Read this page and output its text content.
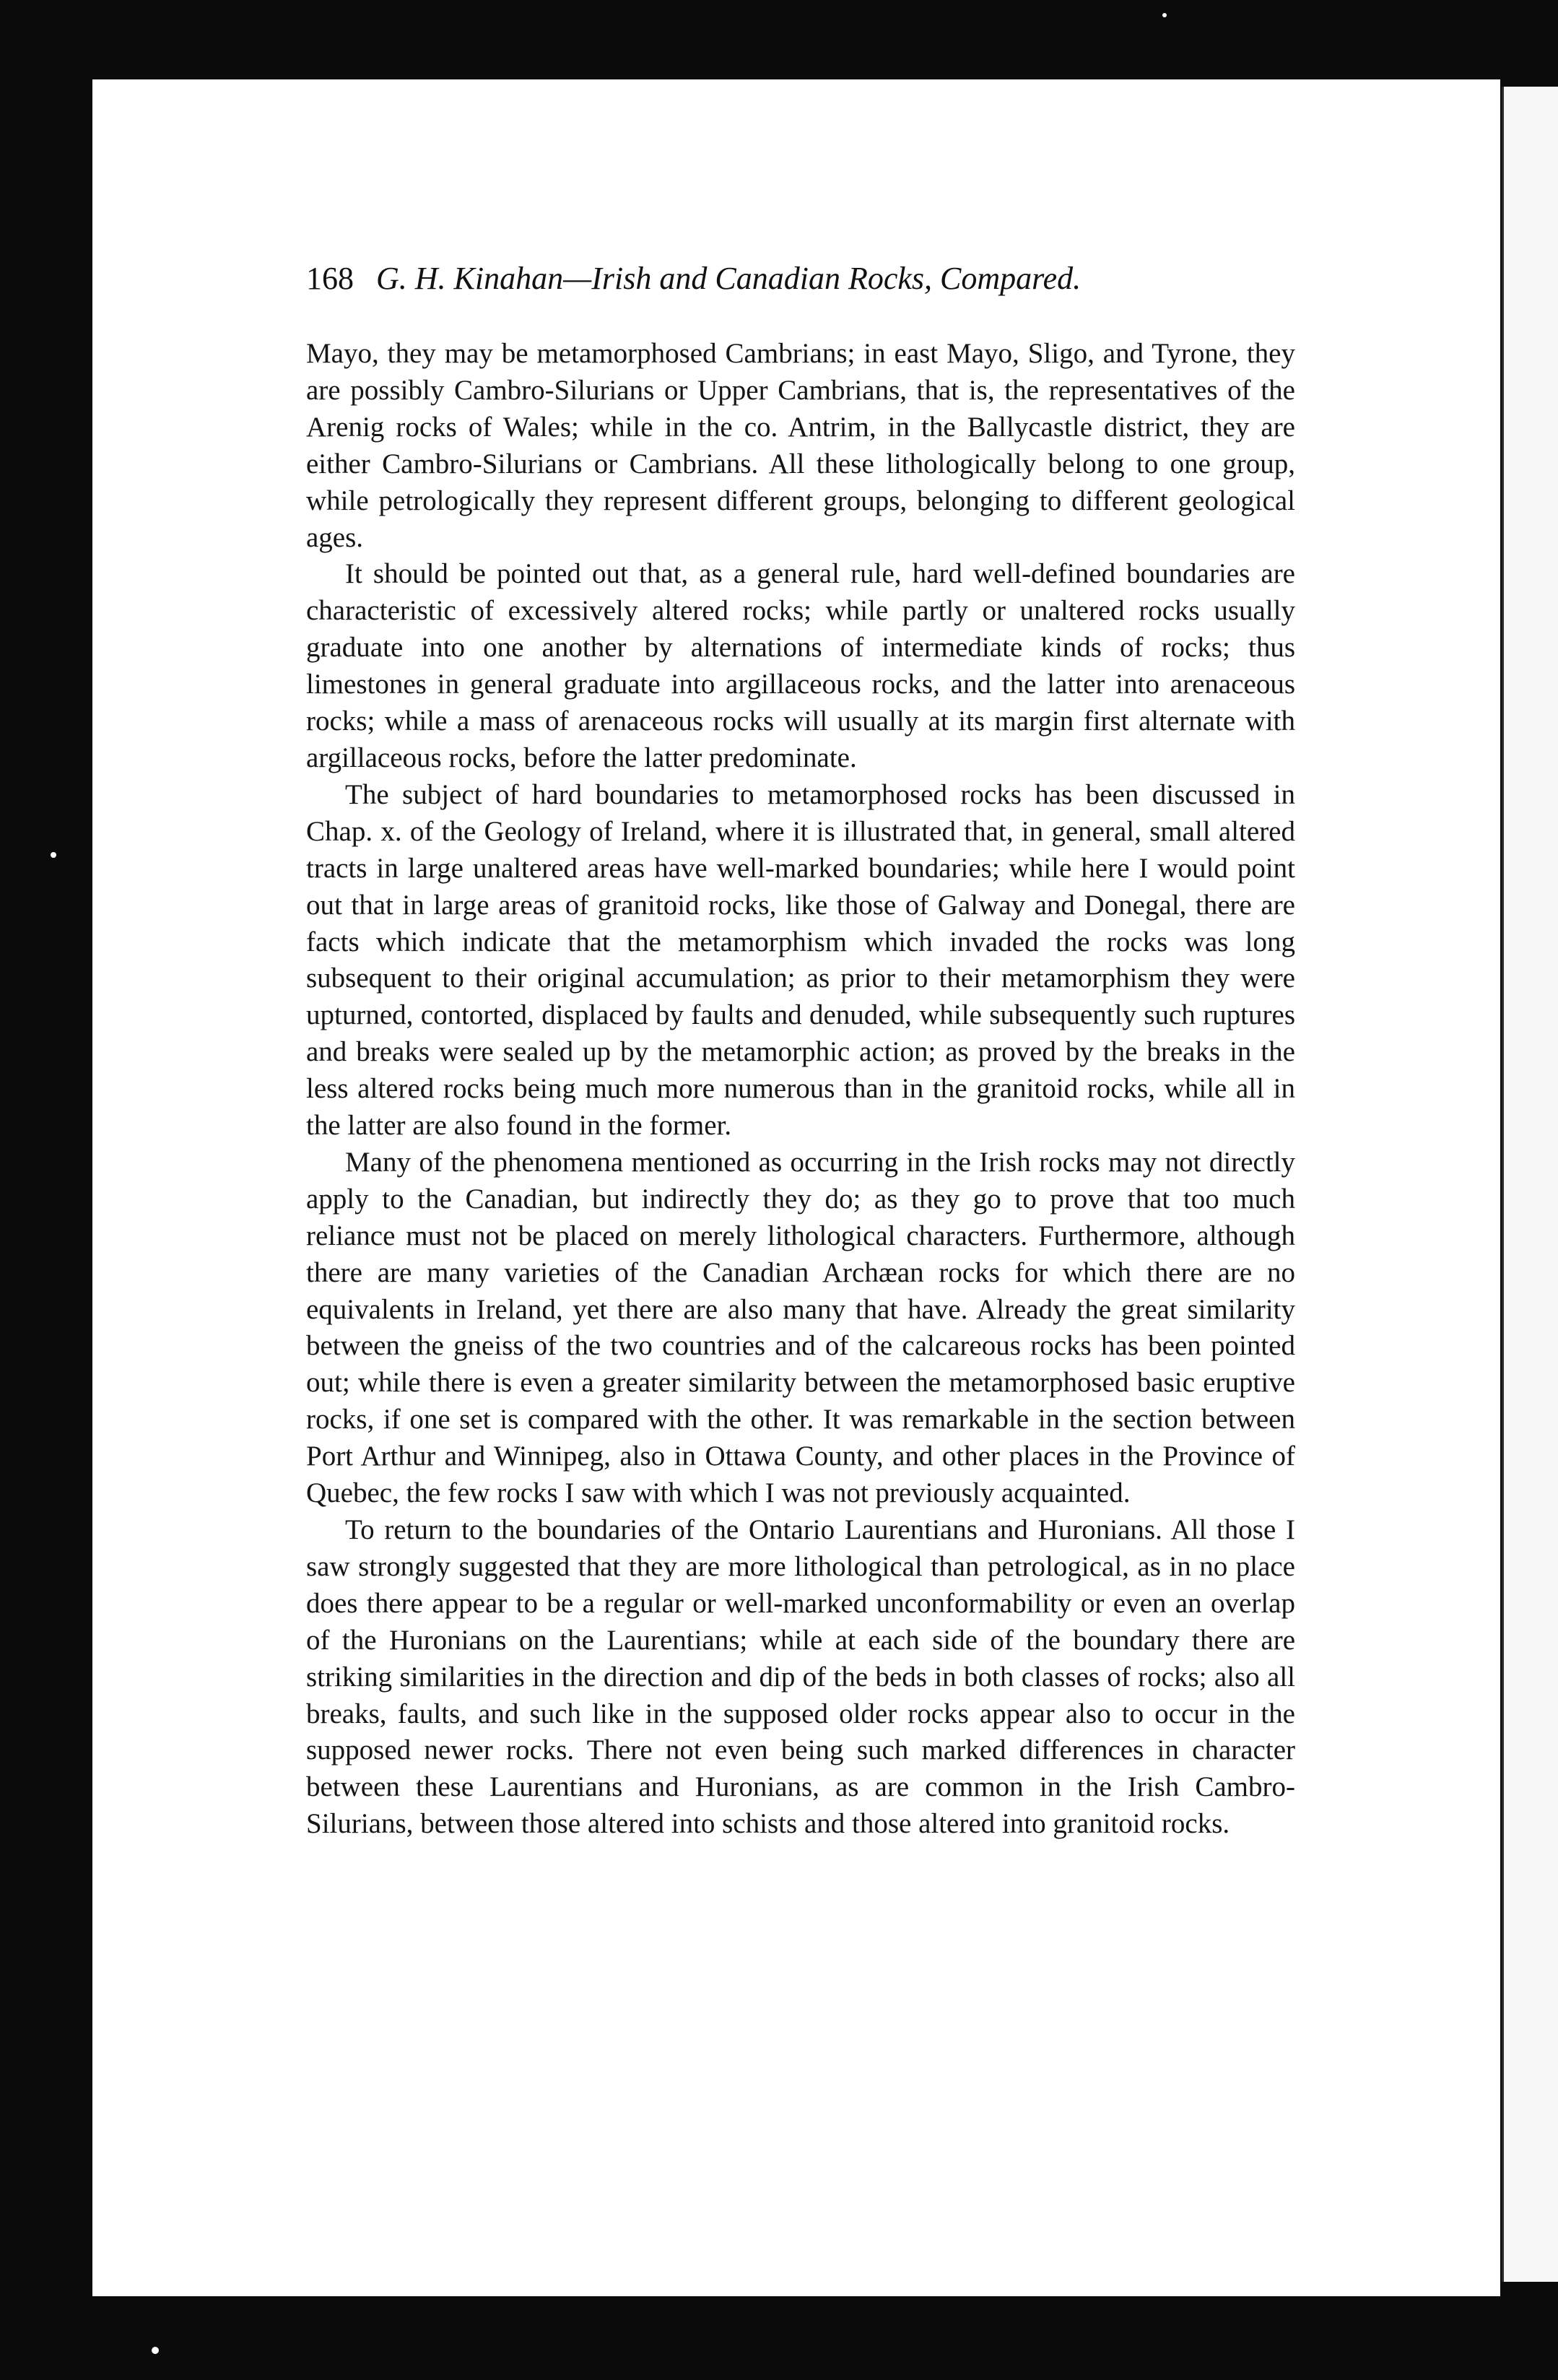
168 G. H. Kinahan—Irish and Canadian Rocks, Compared.

Mayo, they may be metamorphosed Cambrians; in east Mayo, Sligo, and Tyrone, they are possibly Cambro-Silurians or Upper Cambrians, that is, the representatives of the Arenig rocks of Wales; while in the co. Antrim, in the Ballycastle district, they are either Cambro-Silurians or Cambrians. All these lithologically belong to one group, while petrologically they represent different groups, belonging to different geological ages.

It should be pointed out that, as a general rule, hard well-defined boundaries are characteristic of excessively altered rocks; while partly or unaltered rocks usually graduate into one another by alternations of intermediate kinds of rocks; thus limestones in general graduate into argillaceous rocks, and the latter into arenaceous rocks; while a mass of arenaceous rocks will usually at its margin first alternate with argillaceous rocks, before the latter predominate.

The subject of hard boundaries to metamorphosed rocks has been discussed in Chap. x. of the Geology of Ireland, where it is illustrated that, in general, small altered tracts in large unaltered areas have well-marked boundaries; while here I would point out that in large areas of granitoid rocks, like those of Galway and Donegal, there are facts which indicate that the metamorphism which invaded the rocks was long subsequent to their original accumulation; as prior to their metamorphism they were upturned, contorted, displaced by faults and denuded, while subsequently such ruptures and breaks were sealed up by the metamorphic action; as proved by the breaks in the less altered rocks being much more numerous than in the granitoid rocks, while all in the latter are also found in the former.

Many of the phenomena mentioned as occurring in the Irish rocks may not directly apply to the Canadian, but indirectly they do; as they go to prove that too much reliance must not be placed on merely lithological characters. Furthermore, although there are many varieties of the Canadian Archæan rocks for which there are no equivalents in Ireland, yet there are also many that have. Already the great similarity between the gneiss of the two countries and of the calcareous rocks has been pointed out; while there is even a greater similarity between the metamorphosed basic eruptive rocks, if one set is compared with the other. It was remarkable in the section between Port Arthur and Winnipeg, also in Ottawa County, and other places in the Province of Quebec, the few rocks I saw with which I was not previously acquainted.

To return to the boundaries of the Ontario Laurentians and Huronians. All those I saw strongly suggested that they are more lithological than petrological, as in no place does there appear to be a regular or well-marked unconformability or even an overlap of the Huronians on the Laurentians; while at each side of the boundary there are striking similarities in the direction and dip of the beds in both classes of rocks; also all breaks, faults, and such like in the supposed older rocks appear also to occur in the supposed newer rocks. There not even being such marked differences in character between these Laurentians and Huronians, as are common in the Irish Cambro-Silurians, between those altered into schists and those altered into granitoid rocks.
